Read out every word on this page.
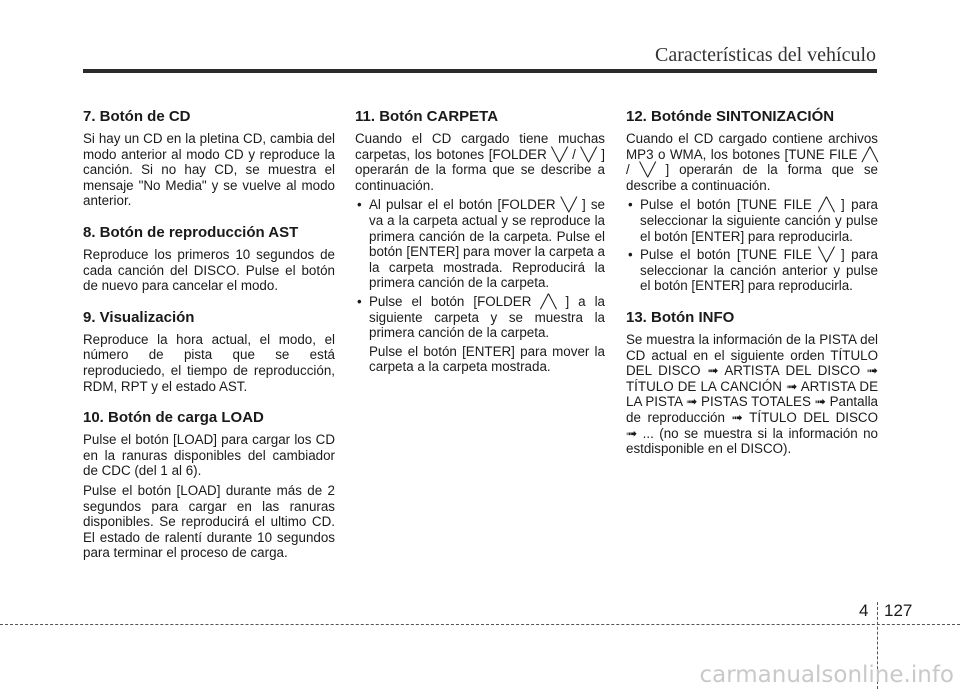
Características del vehículo
7. Botón de CD

Si hay un CD en la pletina CD, cambia del modo anterior al modo CD y reproduce la canción. Si no hay CD, se muestra el mensaje "No Media" y se vuelve al modo anterior.

8. Botón de reproducción AST

Reproduce los primeros 10 segundos de cada canción del DISCO. Pulse el botón de nuevo para cancelar el modo.

9. Visualización

Reproduce la hora actual, el modo, el número de pista que se está reproduciedo, el tiempo de reproducción, RDM, RPT y el estado AST.

10. Botón de carga LOAD

Pulse el botón [LOAD] para cargar los CD en la ranuras disponibles del cambiador de CDC (del 1 al 6).

Pulse el botón [LOAD] durante más de 2 segundos para cargar en las ranuras disponibles. Se reproducirá el ultimo CD. El estado de ralentí durante 10 segundos para terminar el proceso de carga.

11. Botón CARPETA

Cuando el CD cargado tiene muchas carpetas, los botones [FOLDER ╲╱ / ╲╱ ] operarán de la forma que se describe a continuación.

• Al pulsar el el botón [FOLDER ╲╱ ] se va a la carpeta actual y se reproduce la primera canción de la carpeta. Pulse el botón [ENTER] para mover la carpeta a la carpeta mostrada. Reproducirá la primera canción de la carpeta.
• Pulse el botón [FOLDER ╱╲ ] a la siguiente carpeta y se muestra la primera canción de la carpeta.

Pulse el botón [ENTER] para mover la carpeta a la carpeta mostrada.

12. Botónde SINTONIZACIÓN

Cuando el CD cargado contiene archivos MP3 o WMA, los botones [TUNE FILE ╱╲ / ╲╱ ] operarán de la forma que se describe a continuación.

• Pulse el botón [TUNE FILE ╱╲ ] para seleccionar la siguiente canción y pulse el botón [ENTER] para reproducirla.
• Pulse el botón [TUNE FILE ╲╱ ] para seleccionar la canción anterior y pulse el botón [ENTER] para reproducirla.
13. Botón INFO

Se muestra la información de la PISTA del CD actual en el siguiente orden TÍTULO DEL DISCO ➟ ARTISTA DEL DISCO ➟ TÍTULO DE LA CANCIÓN ➟ ARTISTA DE LA PISTA ➟ PISTAS TOTALES ➟ Pantalla de reproducción ➟ TÍTULO DEL DISCO ➟ ... (no se muestra si la información no estdisponible en el DISCO).

4 127
carmanualsonline.info
